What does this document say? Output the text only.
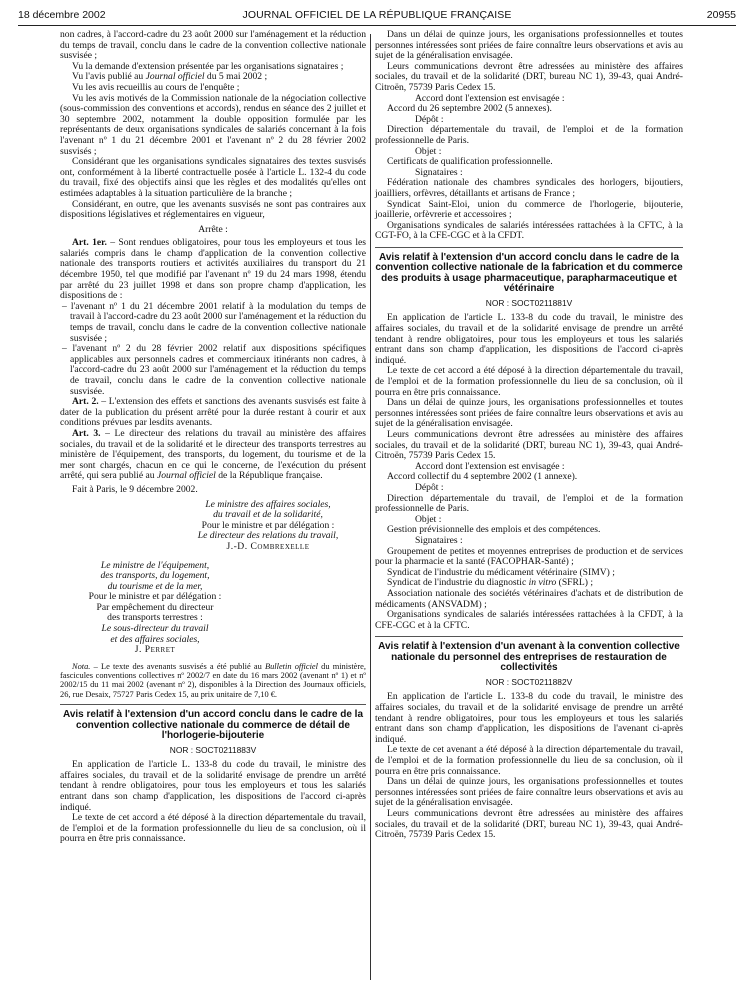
18 décembre 2002	JOURNAL OFFICIEL DE LA RÉPUBLIQUE FRANÇAISE	20955

non cadres, à l'accord-cadre du 23 août 2000 sur l'aménagement et la réduction du temps de travail, conclu dans le cadre de la convention collective nationale susvisée ;

Vu la demande d'extension présentée par les organisations signataires ;

Vu l'avis publié au Journal officiel du 5 mai 2002 ;

Vu les avis recueillis au cours de l'enquête ;

Vu les avis motivés de la Commission nationale de la négociation collective (sous-commission des conventions et accords), rendus en séance des 2 juillet et 30 septembre 2002, notamment la double opposition formulée par les représentants de deux organisations syndicales de salariés concernant à la fois l'avenant nº 1 du 21 décembre 2001 et l'avenant nº 2 du 28 février 2002 susvisés ;

Considérant que les organisations syndicales signataires des textes susvisés ont, conformément à la liberté contractuelle posée à l'article L. 132-4 du code du travail, fixé des objectifs ainsi que les règles et des modalités qu'elles ont estimées adaptables à la situation particulière de la branche ;

Considérant, en outre, que les avenants susvisés ne sont pas contraires aux dispositions législatives et réglementaires en vigueur,

Arrête :

Art. 1er. – Sont rendues obligatoires, pour tous les employeurs et tous les salariés compris dans le champ d'application de la convention collective nationale des transports routiers et activités auxiliaires du transport du 21 décembre 1950, tel que modifié par l'avenant nº 19 du 24 mars 1998, étendu par arrêté du 23 juillet 1998 et dans son propre champ d'application, les dispositions de :

– l'avenant nº 1 du 21 décembre 2001 relatif à la modulation du temps de travail à l'accord-cadre du 23 août 2000 sur l'aménagement et la réduction du temps de travail, conclu dans le cadre de la convention collective nationale susvisée ;

– l'avenant nº 2 du 28 février 2002 relatif aux dispositions spécifiques applicables aux personnels cadres et commerciaux itinérants non cadres, à l'accord-cadre du 23 août 2000 sur l'aménagement et la réduction du temps de travail, conclu dans le cadre de la convention collective nationale susvisée.

Art. 2. – L'extension des effets et sanctions des avenants susvisés est faite à dater de la publication du présent arrêté pour la durée restant à courir et aux conditions prévues par lesdits avenants.

Art. 3. – Le directeur des relations du travail au ministère des affaires sociales, du travail et de la solidarité et le directeur des transports terrestres au ministère de l'équipement, des transports, du logement, du tourisme et de la mer sont chargés, chacun en ce qui le concerne, de l'exécution du présent arrêté, qui sera publié au Journal officiel de la République française.

Fait à Paris, le 9 décembre 2002.

Le ministre des affaires sociales,
du travail et de la solidarité,
Pour le ministre et par délégation :
Le directeur des relations du travail,
J.-D. Combrexelle
Le ministre de l'équipement,
des transports, du logement,
du tourisme et de la mer,
Pour le ministre et par délégation :
Par empêchement du directeur
des transports terrestres :
Le sous-directeur du travail
et des affaires sociales,
J. Perret

Nota. – Le texte des avenants susvisés a été publié au Bulletin officiel du ministère, fascicules conventions collectives nº 2002/7 en date du 16 mars 2002 (avenant nº 1) et nº 2002/15 du 11 mai 2002 (avenant nº 2), disponibles à la Direction des Journaux officiels, 26, rue Desaix, 75727 Paris Cedex 15, au prix unitaire de 7,10 €.

Avis relatif à l'extension d'un accord conclu dans le cadre de la convention collective nationale du commerce de détail de l'horlogerie-bijouterie
NOR : SOCT0211883V

En application de l'article L. 133-8 du code du travail, le ministre des affaires sociales, du travail et de la solidarité envisage de prendre un arrêté tendant à rendre obligatoires, pour tous les employeurs et tous les salariés entrant dans son champ d'application, les dispositions de l'accord ci-après indiqué.

Le texte de cet accord a été déposé à la direction départementale du travail, de l'emploi et de la formation professionnelle du lieu de sa conclusion, où il pourra en être pris connaissance.

Dans un délai de quinze jours, les organisations professionnelles et toutes personnes intéressées sont priées de faire connaître leurs observations et avis au sujet de la généralisation envisagée.

Leurs communications devront être adressées au ministère des affaires sociales, du travail et de la solidarité (DRT, bureau NC 1), 39-43, quai André-Citroën, 75739 Paris Cedex 15.

Accord dont l'extension est envisagée :

Accord du 26 septembre 2002 (5 annexes).

Dépôt :

Direction départementale du travail, de l'emploi et de la formation professionnelle de Paris.

Objet :

Certificats de qualification professionnelle.

Signataires :

Fédération nationale des chambres syndicales des horlogers, bijoutiers, joailliers, orfèvres, détaillants et artisans de France ;

Syndicat Saint-Eloi, union du commerce de l'horlogerie, bijouterie, joaillerie, orfèvrerie et accessoires ;

Organisations syndicales de salariés intéressées rattachées à la CFTC, à la CGT-FO, à la CFE-CGC et à la CFDT.

Avis relatif à l'extension d'un accord conclu dans le cadre de la convention collective nationale de la fabrication et du commerce des produits à usage pharmaceutique, parapharmaceutique et vétérinaire
NOR : SOCT0211881V

En application de l'article L. 133-8 du code du travail, le ministre des affaires sociales, du travail et de la solidarité envisage de prendre un arrêté tendant à rendre obligatoires, pour tous les employeurs et tous les salariés entrant dans son champ d'application, les dispositions de l'accord ci-après indiqué.

Le texte de cet accord a été déposé à la direction départementale du travail, de l'emploi et de la formation professionnelle du lieu de sa conclusion, où il pourra en être pris connaissance.

Dans un délai de quinze jours, les organisations professionnelles et toutes personnes intéressées sont priées de faire connaître leurs observations et avis au sujet de la généralisation envisagée.

Leurs communications devront être adressées au ministère des affaires sociales, du travail et de la solidarité (DRT, bureau NC 1), 39-43, quai André-Citroën, 75739 Paris Cedex 15.

Accord dont l'extension est envisagée :

Accord collectif du 4 septembre 2002 (1 annexe).

Dépôt :

Direction départementale du travail, de l'emploi et de la formation professionnelle de Paris.

Objet :

Gestion prévisionnelle des emplois et des compétences.

Signataires :

Groupement de petites et moyennes entreprises de production et de services pour la pharmacie et la santé (FACOPHAR-Santé) ;

Syndicat de l'industrie du médicament vétérinaire (SIMV) ;

Syndicat de l'industrie du diagnostic in vitro (SFRL) ;

Association nationale des sociétés vétérinaires d'achats et de distribution de médicaments (ANSVADM) ;

Organisations syndicales de salariés intéressées rattachées à la CFDT, à la CFE-CGC et à la CFTC.

Avis relatif à l'extension d'un avenant à la convention collective nationale du personnel des entreprises de restauration de collectivités
NOR : SOCT0211882V

En application de l'article L. 133-8 du code du travail, le ministre des affaires sociales, du travail et de la solidarité envisage de prendre un arrêté tendant à rendre obligatoires, pour tous les employeurs et tous les salariés entrant dans son champ d'application, les dispositions de l'avenant ci-après indiqué.

Le texte de cet avenant a été déposé à la direction départementale du travail, de l'emploi et de la formation professionnelle du lieu de sa conclusion, où il pourra en être pris connaissance.

Dans un délai de quinze jours, les organisations professionnelles et toutes personnes intéressées sont priées de faire connaître leurs observations et avis au sujet de la généralisation envisagée.

Leurs communications devront être adressées au ministère des affaires sociales, du travail et de la solidarité (DRT, bureau NC 1), 39-43, quai André-Citroën, 75739 Paris Cedex 15.
